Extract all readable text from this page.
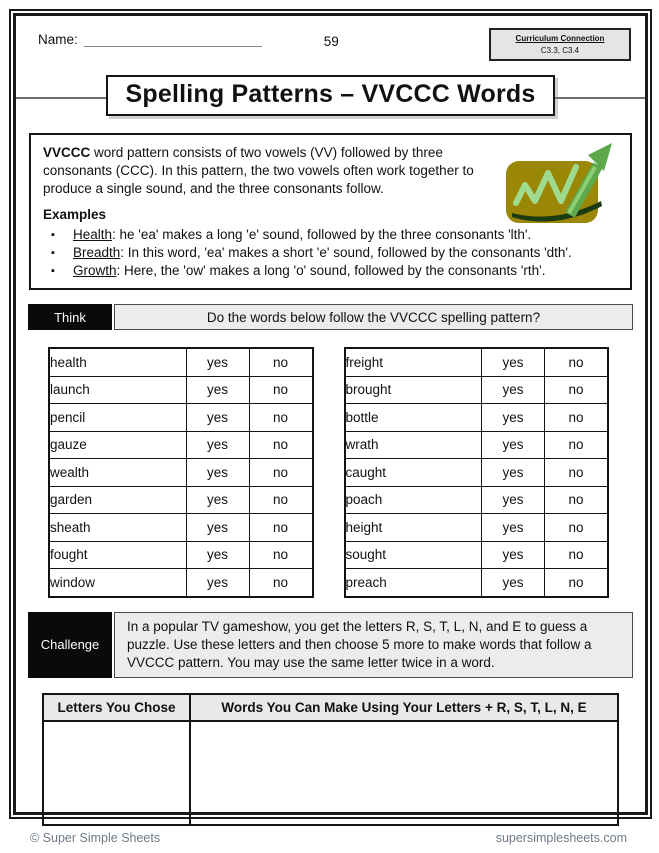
Name:	59	Curriculum Connection
C3.3, C3.4
Spelling Patterns – VVCCC Words
VVCCC word pattern consists of two vowels (VV) followed by three consonants (CCC). In this pattern, the two vowels often work together to produce a single sound, and the three consonants follow.
Examples
▪ Health: he 'ea' makes a long 'e' sound, followed by the three consonants 'lth'.
▪ Breadth: In this word, 'ea' makes a short 'e' sound, followed by the consonants 'dth'.
▪ Growth: Here, the 'ow' makes a long 'o' sound, followed by the consonants 'rth'.
Think	Do the words below follow the VVCCC spelling pattern?
health	yes	no
launch	yes	no
pencil	yes	no
gauze	yes	no
wealth	yes	no
garden	yes	no
sheath	yes	no
fought	yes	no
window	yes	no
freight	yes	no
brought	yes	no
bottle	yes	no
wrath	yes	no
caught	yes	no
poach	yes	no
height	yes	no
sought	yes	no
preach	yes	no
Challenge
In a popular TV gameshow, you get the letters R, S, T, L, N, and E to guess a puzzle. Use these letters and then choose 5 more to make words that follow a VVCCC pattern. You may use the same letter twice in a word.
Letters You Chose	Words You Can Make Using Your Letters + R, S, T, L, N, E

© Super Simple Sheets	supersimplesheets.com
